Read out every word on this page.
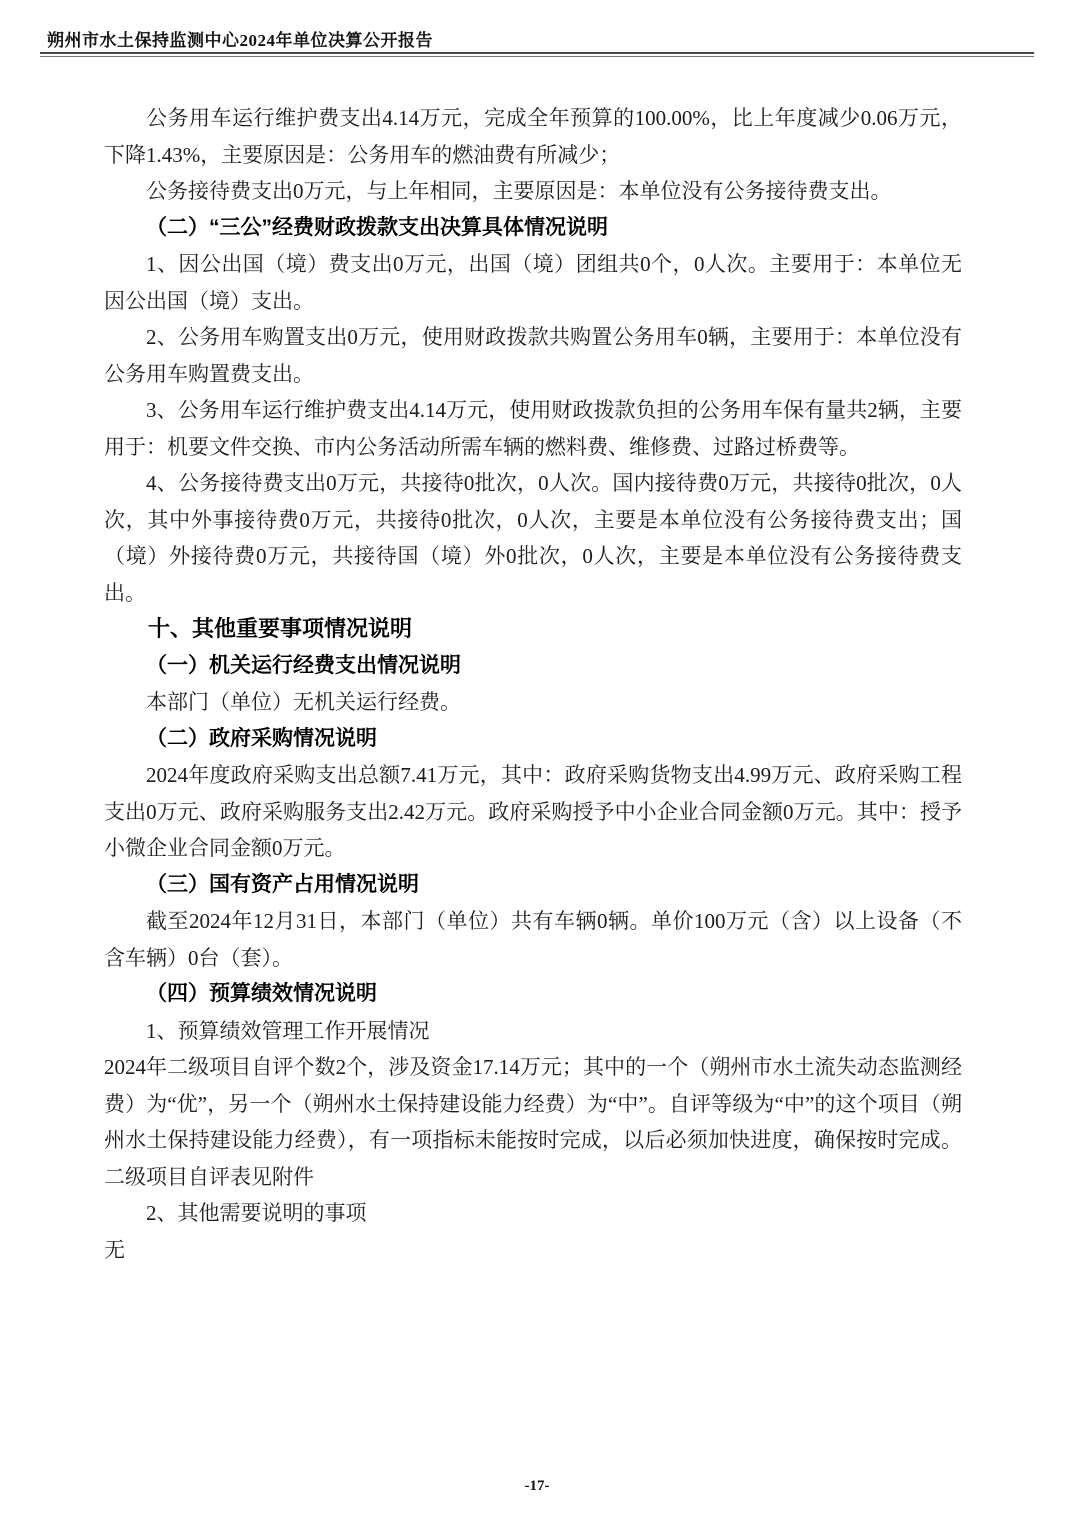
朔州市水土保持监测中心2024年单位决算公开报告

公务用车运行维护费支出4.14万元，完成全年预算的100.00%，比上年度减少0.06万元，下降1.43%，主要原因是：公务用车的燃油费有所减少；

公务接待费支出0万元，与上年相同，主要原因是：本单位没有公务接待费支出。

（二）“三公”经费财政拨款支出决算具体情况说明

1、因公出国（境）费支出0万元，出国（境）团组共0个，0人次。主要用于：本单位无因公出国（境）支出。

2、公务用车购置支出0万元，使用财政拨款共购置公务用车0辆，主要用于：本单位没有公务用车购置费支出。

3、公务用车运行维护费支出4.14万元，使用财政拨款负担的公务用车保有量共2辆，主要用于：机要文件交换、市内公务活动所需车辆的燃料费、维修费、过路过桥费等。

4、公务接待费支出0万元，共接待0批次，0人次。国内接待费0万元，共接待0批次，0人次，其中外事接待费0万元，共接待0批次，0人次，主要是本单位没有公务接待费支出；国（境）外接待费0万元，共接待国（境）外0批次，0人次，主要是本单位没有公务接待费支出。

十、其他重要事项情况说明

（一）机关运行经费支出情况说明

本部门（单位）无机关运行经费。

（二）政府采购情况说明

2024年度政府采购支出总额7.41万元，其中：政府采购货物支出4.99万元、政府采购工程支出0万元、政府采购服务支出2.42万元。政府采购授予中小企业合同金额0万元。其中：授予小微企业合同金额0万元。

（三）国有资产占用情况说明

截至2024年12月31日，本部门（单位）共有车辆0辆。单价100万元（含）以上设备（不含车辆）0台（套）。

（四）预算绩效情况说明

1、预算绩效管理工作开展情况

2024年二级项目自评个数2个，涉及资金17.14万元；其中的一个（朔州市水土流失动态监测经费）为“优”，另一个（朔州水土保持建设能力经费）为“中”。自评等级为“中”的这个项目（朔州水土保持建设能力经费），有一项指标未能按时完成，以后必须加快进度，确保按时完成。二级项目自评表见附件

2、其他需要说明的事项

无

-17-
